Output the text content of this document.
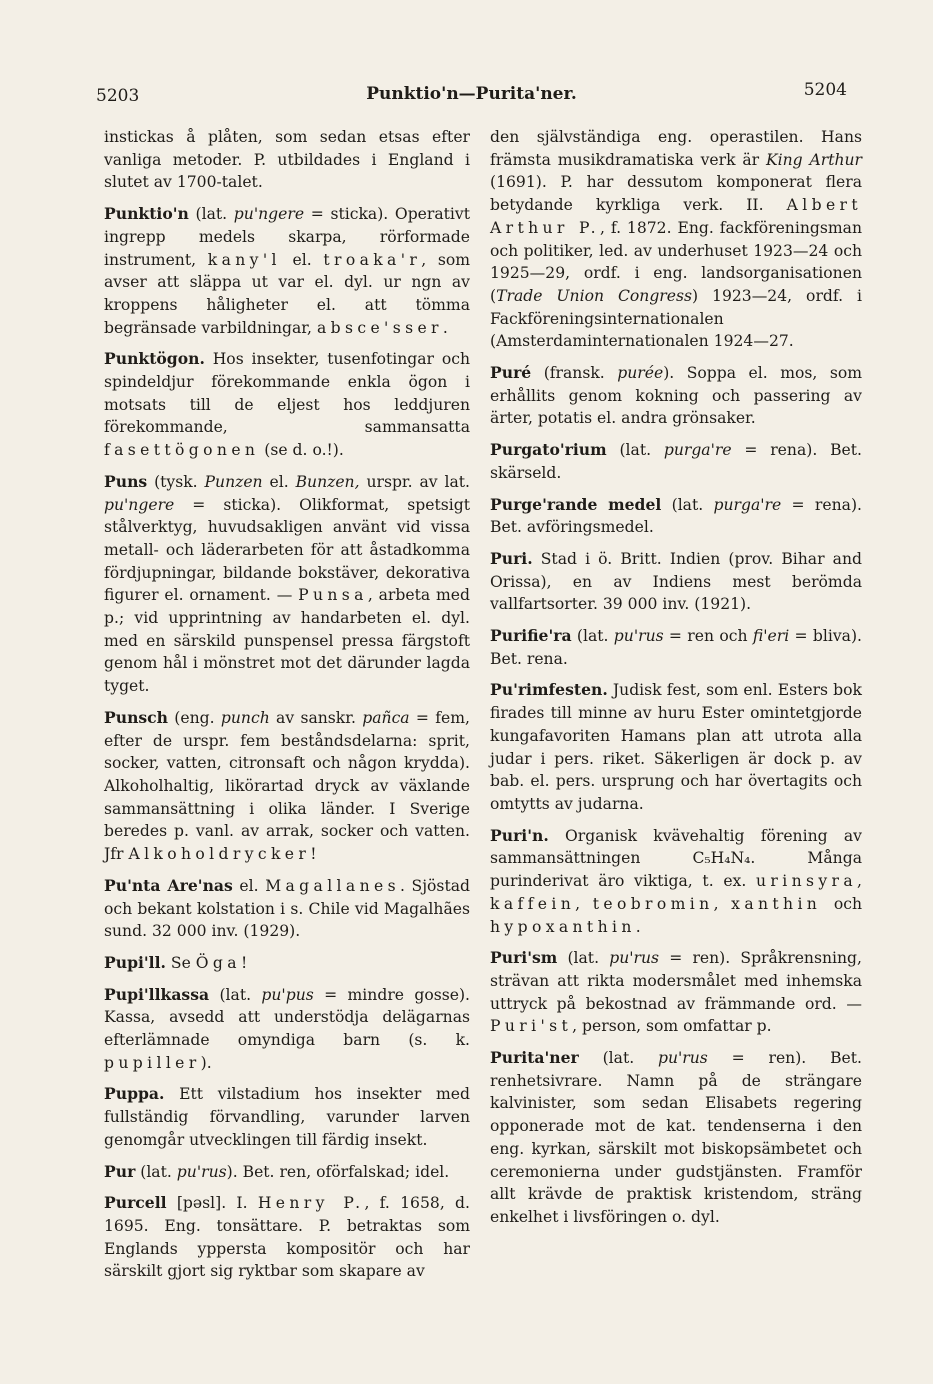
5203	Punktio'n—Purita'ner.	5204

instickas å plåten, som sedan etsas efter vanliga metoder. P. utbildades i England i slutet av 1700-talet.

Punktio'n (lat. pu'ngere = sticka). Operativt ingrepp medels skarpa, rörformade instrument, kany'l el. troaka'r, som avser att släppa ut var el. dyl. ur ngn av kroppens håligheter el. att tömma begränsade varbildningar, absce'sser.

Punktögon. Hos insekter, tusenfotingar och spindeldjur förekommande enkla ögon i motsats till de eljest hos leddjuren förekommande, sammansatta fasettögonen (se d. o.!).

Puns (tysk. Punzen el. Bunzen, urspr. av lat. pu'ngere = sticka). Olikformat, spetsigt stålverktyg, huvudsakligen använt vid vissa metall- och läderarbeten för att åstadkomma fördjupningar, bildande bokstäver, dekorativa figurer el. ornament. — Punsa, arbeta med p.; vid upprintning av handarbeten el. dyl. med en särskild punspensel pressa färgstoft genom hål i mönstret mot det därunder lagda tyget.

Punsch (eng. punch av sanskr. pañca = fem, efter de urspr. fem beståndsdelarna: sprit, socker, vatten, citronsaft och någon krydda). Alkoholhaltig, likörartad dryck av växlande sammansättning i olika länder. I Sverige beredes p. vanl. av arrak, socker och vatten. Jfr Alkoholdrycker!

Pu'nta Are'nas el. Magallanes. Sjöstad och bekant kolstation i s. Chile vid Magalhães sund. 32 000 inv. (1929).

Pupi'll. Se Öga!

Pupi'llkassa (lat. pu'pus = mindre gosse). Kassa, avsedd att understödja delägarnas efterlämnade omyndiga barn (s. k. pupiller).

Puppa. Ett vilstadium hos insekter med fullständig förvandling, varunder larven genomgår utvecklingen till färdig insekt.

Pur (lat. pu'rus). Bet. ren, oförfalskad; idel.

Purcell [pəsl]. I. Henry P., f. 1658, d. 1695. Eng. tonsättare. P. betraktas som Englands yppersta kompositör och har särskilt gjort sig ryktbar som skapare av

den självständiga eng. operastilen. Hans främsta musikdramatiska verk är King Arthur (1691). P. har dessutom komponerat flera betydande kyrkliga verk. II. Albert Arthur P., f. 1872. Eng. fackföreningsman och politiker, led. av underhuset 1923—24 och 1925—29, ordf. i eng. landsorganisationen (Trade Union Congress) 1923—24, ordf. i Fackföreningsinternationalen (Amsterdaminternationalen 1924—27.

Puré (fransk. purée). Soppa el. mos, som erhållits genom kokning och passering av ärter, potatis el. andra grönsaker.

Purgato'rium (lat. purga're = rena). Bet. skärseld.

Purge'rande medel (lat. purga're = rena). Bet. avföringsmedel.

Puri. Stad i ö. Britt. Indien (prov. Bihar and Orissa), en av Indiens mest berömda vallfartsorter. 39 000 inv. (1921).

Purifie'ra (lat. pu'rus = ren och fi'eri = bliva). Bet. rena.

Pu'rimfesten. Judisk fest, som enl. Esters bok firades till minne av huru Ester omintetgjorde kungafavoriten Hamans plan att utrota alla judar i pers. riket. Säkerligen är dock p. av bab. el. pers. ursprung och har övertagits och omtytts av judarna.

Puri'n. Organisk kvävehaltig förening av sammansättningen C₅H₄N₄. Många purinderivat äro viktiga, t. ex. urinsyra, kaffein, teobromin, xanthin och hypoxanthin.

Puri'sm (lat. pu'rus = ren). Språkrensning, strävan att rikta modersmålet med inhemska uttryck på bekostnad av främmande ord. — Puri'st, person, som omfattar p.

Purita'ner (lat. pu'rus = ren). Bet. renhetsivrare. Namn på de strängare kalvinister, som sedan Elisabets regering opponerade mot de kat. tendenserna i den eng. kyrkan, särskilt mot biskopsämbetet och ceremonierna under gudstjänsten. Framför allt krävde de praktisk kristendom, sträng enkelhet i livsföringen o. dyl.
